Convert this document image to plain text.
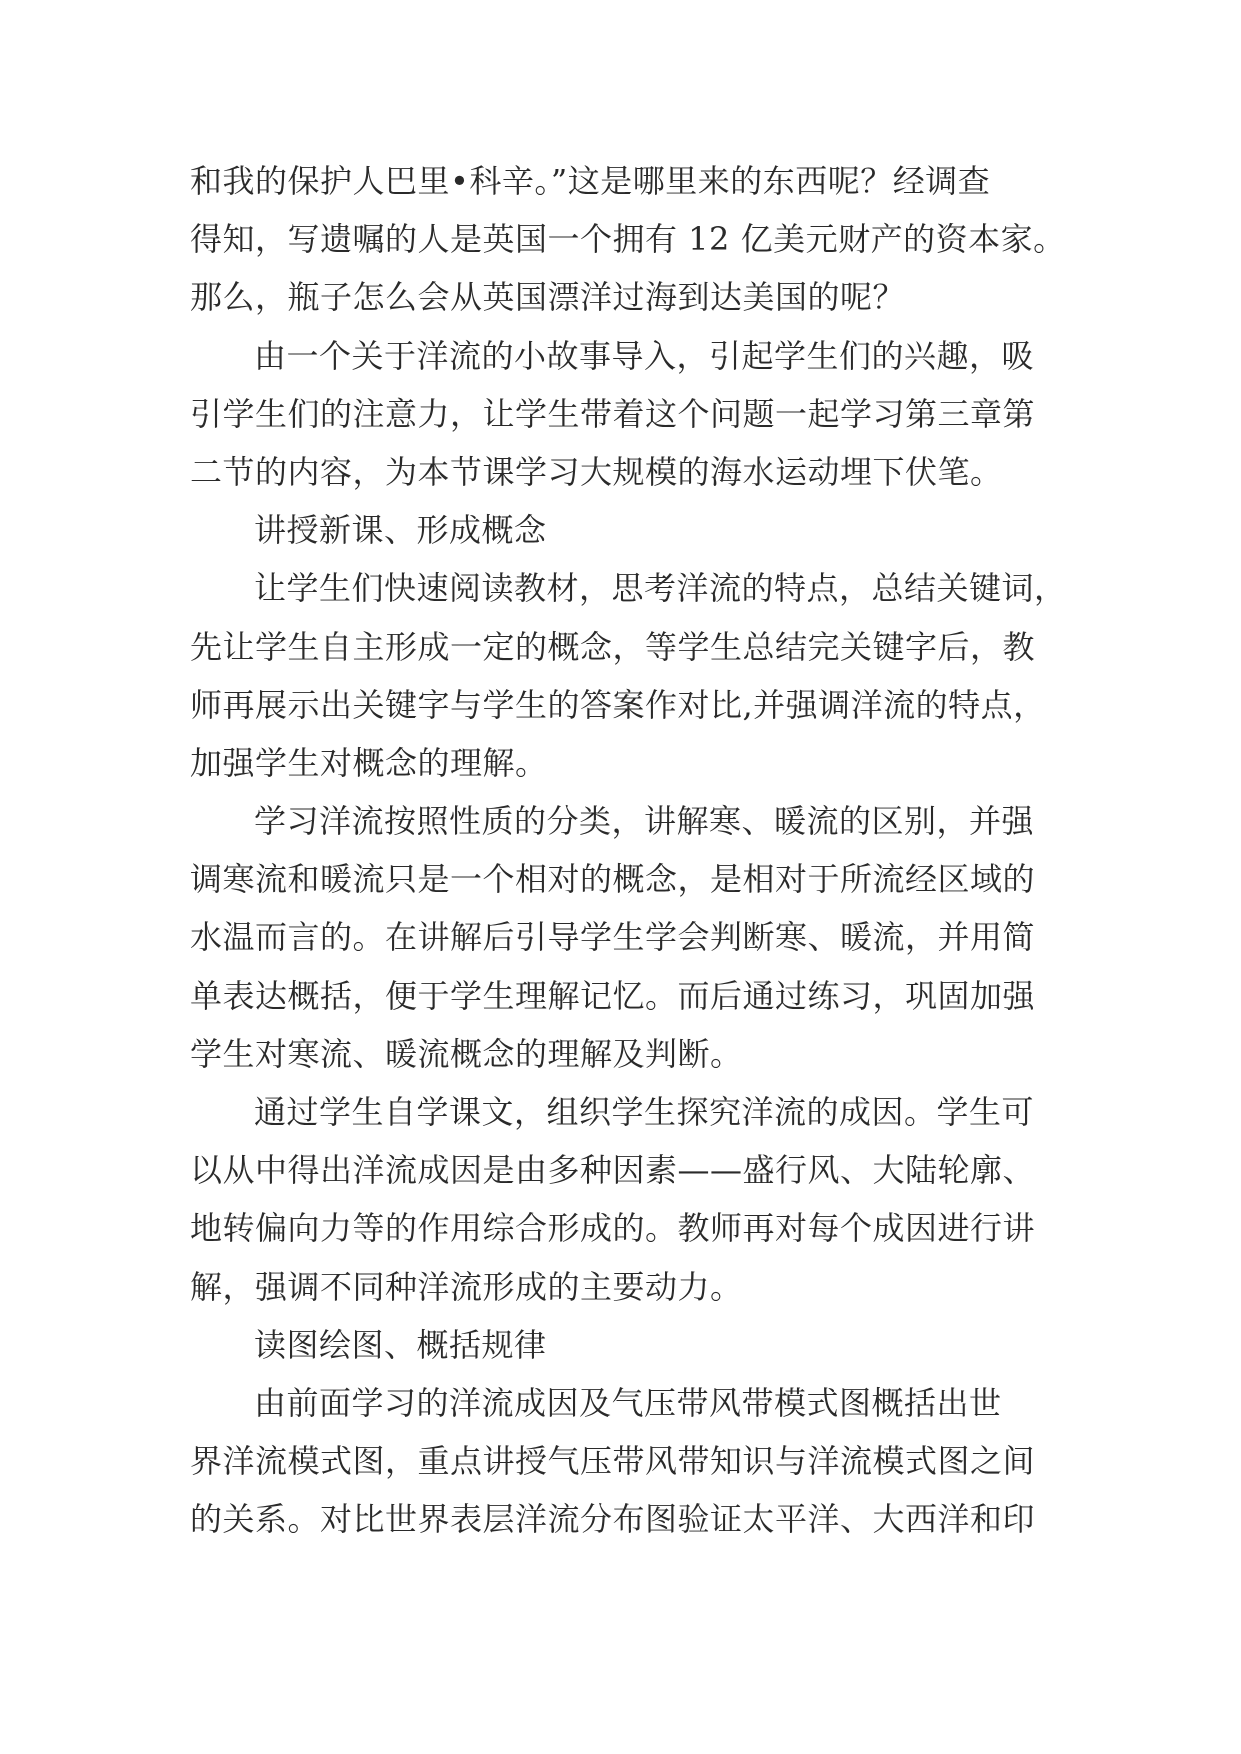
和我的保护人巴里•科辛。”这是哪里来的东西呢？经调查
得知，写遗嘱的人是英国一个拥有 12 亿美元财产的资本家。
那么，瓶子怎么会从英国漂洋过海到达美国的呢？
由一个关于洋流的小故事导入，引起学生们的兴趣，吸
引学生们的注意力，让学生带着这个问题一起学习第三章第
二节的内容，为本节课学习大规模的海水运动埋下伏笔。
讲授新课、形成概念
让学生们快速阅读教材，思考洋流的特点，总结关键词，
先让学生自主形成一定的概念，等学生总结完关键字后，教
师再展示出关键字与学生的答案作对比,并强调洋流的特点，
加强学生对概念的理解。
学习洋流按照性质的分类，讲解寒、暖流的区别，并强
调寒流和暖流只是一个相对的概念，是相对于所流经区域的
水温而言的。在讲解后引导学生学会判断寒、暖流，并用简
单表达概括，便于学生理解记忆。而后通过练习，巩固加强
学生对寒流、暖流概念的理解及判断。
通过学生自学课文，组织学生探究洋流的成因。学生可
以从中得出洋流成因是由多种因素——盛行风、大陆轮廓、
地转偏向力等的作用综合形成的。教师再对每个成因进行讲
解，强调不同种洋流形成的主要动力。
读图绘图、概括规律
由前面学习的洋流成因及气压带风带模式图概括出世
界洋流模式图，重点讲授气压带风带知识与洋流模式图之间
的关系。对比世界表层洋流分布图验证太平洋、大西洋和印
